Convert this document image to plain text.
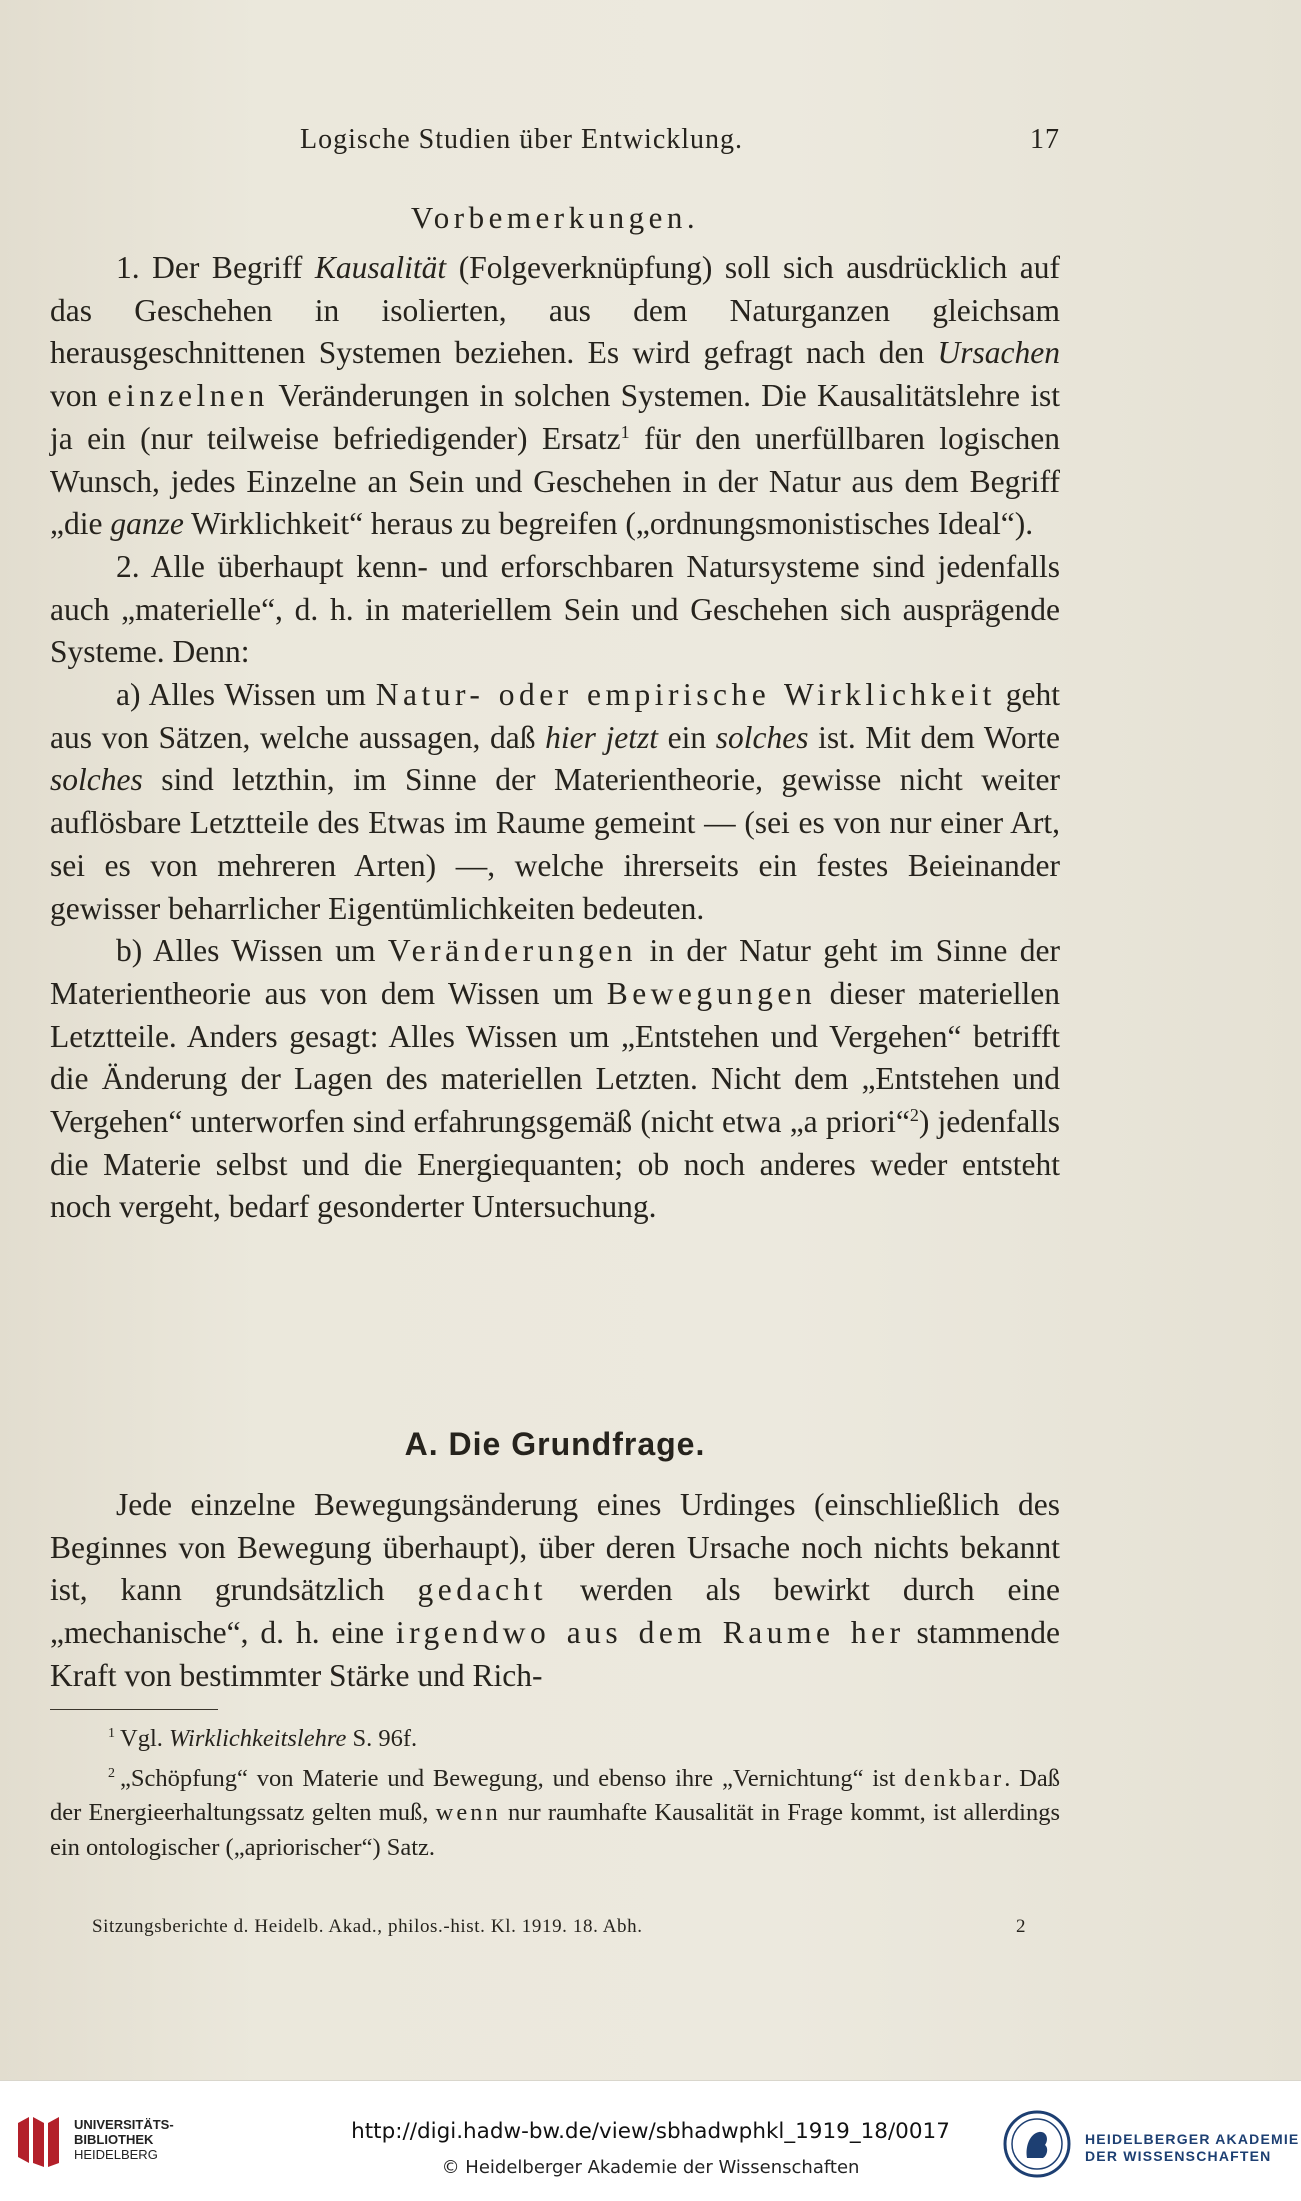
Logische Studien über Entwicklung.	17
Vorbemerkungen.

1. Der Begriff Kausalität (Folgeverknüpfung) soll sich ausdrücklich auf das Geschehen in isolierten, aus dem Naturganzen gleichsam herausgeschnittenen Systemen beziehen. Es wird gefragt nach den Ursachen von einzelnen Veränderungen in solchen Systemen. Die Kausalitätslehre ist ja ein (nur teilweise befriedigender) Ersatz$^1$ für den unerfüllbaren logischen Wunsch, jedes Einzelne an Sein und Geschehen in der Natur aus dem Begriff „die ganze Wirklichkeit“ heraus zu begreifen („ordnungsmonistisches Ideal“).

2. Alle überhaupt kenn- und erforschbaren Natursysteme sind jedenfalls auch „materielle“, d. h. in materiellem Sein und Geschehen sich ausprägende Systeme. Denn:

a) Alles Wissen um Natur- oder empirische Wirklichkeit geht aus von Sätzen, welche aussagen, daß hier jetzt ein solches ist. Mit dem Worte solches sind letzthin, im Sinne der Materientheorie, gewisse nicht weiter auflösbare Letztteile des Etwas im Raume gemeint — (sei es von nur einer Art, sei es von mehreren Arten) —, welche ihrerseits ein festes Beieinander gewisser beharrlicher Eigentümlichkeiten bedeuten.

b) Alles Wissen um Veränderungen in der Natur geht im Sinne der Materientheorie aus von dem Wissen um Bewegungen dieser materiellen Letztteile. Anders gesagt: Alles Wissen um „Entstehen und Vergehen“ betrifft die Änderung der Lagen des materiellen Letzten. Nicht dem „Entstehen und Vergehen“ unterworfen sind erfahrungsgemäß (nicht etwa „a priori“$^2$) jedenfalls die Materie selbst und die Energiequanten; ob noch anderes weder entsteht noch vergeht, bedarf gesonderter Untersuchung.

A. Die Grundfrage.

Jede einzelne Bewegungsänderung eines Urdinges (einschließlich des Beginnes von Bewegung überhaupt), über deren Ursache noch nichts bekannt ist, kann grundsätzlich gedacht werden als bewirkt durch eine „mechanische“, d. h. eine irgendwo aus dem Raume her stammende Kraft von bestimmter Stärke und Rich-

$^1$ Vgl. Wirklichkeitslehre S. 96f.

$^2$ „Schöpfung“ von Materie und Bewegung, und ebenso ihre „Vernichtung“ ist denkbar. Daß der Energieerhaltungssatz gelten muß, wenn nur raumhafte Kausalität in Frage kommt, ist allerdings ein ontologischer („apriorischer“) Satz.

Sitzungsberichte d. Heidelb. Akad., philos.-hist. Kl. 1919. 18. Abh.	2
UNIVERSITÄTS-
BIBLIOTHEK
HEIDELBERG
http://digi.hadw-bw.de/view/sbhadwphkl_1919_18/0017
© Heidelberger Akademie der Wissenschaften
HEIDELBERGER AKADEMIE
DER WISSENSCHAFTEN
